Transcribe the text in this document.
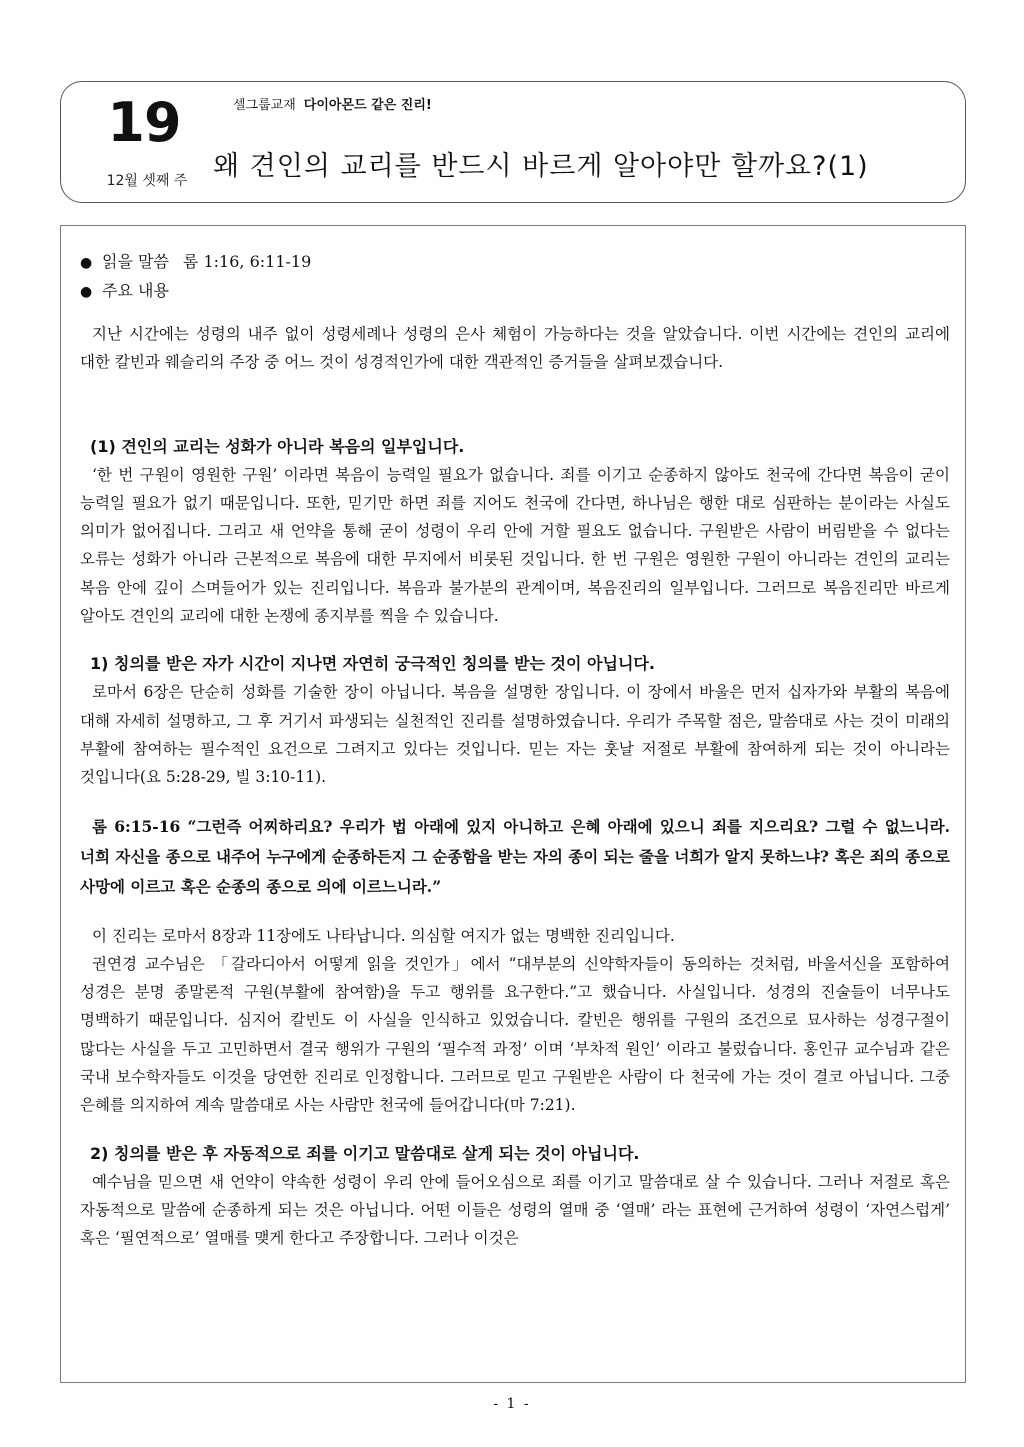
19
12월 셋째 주
셀그룹교재 다이아몬드 같은 진리!
왜 견인의 교리를 반드시 바르게 알아야만 할까요?(1)
● 읽을 말씀 롬 1:16, 6:11-19
● 주요 내용

지난 시간에는 성령의 내주 없이 성령세례나 성령의 은사 체험이 가능하다는 것을 알았습니다. 이번 시간에는 견인의 교리에 대한 칼빈과 웨슬리의 주장 중 어느 것이 성경적인가에 대한 객관적인 증거들을 살펴보겠습니다.

(1) 견인의 교리는 성화가 아니라 복음의 일부입니다.

‘한 번 구원이 영원한 구원’ 이라면 복음이 능력일 필요가 없습니다. 죄를 이기고 순종하지 않아도 천국에 간다면 복음이 굳이 능력일 필요가 없기 때문입니다. 또한, 믿기만 하면 죄를 지어도 천국에 간다면, 하나님은 행한 대로 심판하는 분이라는 사실도 의미가 없어집니다. 그리고 새 언약을 통해 굳이 성령이 우리 안에 거할 필요도 없습니다. 구원받은 사람이 버림받을 수 없다는 오류는 성화가 아니라 근본적으로 복음에 대한 무지에서 비롯된 것입니다. 한 번 구원은 영원한 구원이 아니라는 견인의 교리는 복음 안에 깊이 스며들어가 있는 진리입니다. 복음과 불가분의 관계이며, 복음진리의 일부입니다. 그러므로 복음진리만 바르게 알아도 견인의 교리에 대한 논쟁에 종지부를 찍을 수 있습니다.

1) 칭의를 받은 자가 시간이 지나면 자연히 궁극적인 칭의를 받는 것이 아닙니다.

로마서 6장은 단순히 성화를 기술한 장이 아닙니다. 복음을 설명한 장입니다. 이 장에서 바울은 먼저 십자가와 부활의 복음에 대해 자세히 설명하고, 그 후 거기서 파생되는 실천적인 진리를 설명하였습니다. 우리가 주목할 점은, 말씀대로 사는 것이 미래의 부활에 참여하는 필수적인 요건으로 그려지고 있다는 것입니다. 믿는 자는 훗날 저절로 부활에 참여하게 되는 것이 아니라는 것입니다(요 5:28-29, 빌 3:10-11).

롬 6:15-16 “그런즉 어찌하리요? 우리가 법 아래에 있지 아니하고 은혜 아래에 있으니 죄를 지으리요? 그럴 수 없느니라. 너희 자신을 종으로 내주어 누구에게 순종하든지 그 순종함을 받는 자의 종이 되는 줄을 너희가 알지 못하느냐? 혹은 죄의 종으로 사망에 이르고 혹은 순종의 종으로 의에 이르느니라.”

이 진리는 로마서 8장과 11장에도 나타납니다. 의심할 여지가 없는 명백한 진리입니다.

권연경 교수님은 「갈라디아서 어떻게 읽을 것인가」에서 “대부분의 신약학자들이 동의하는 것처럼, 바울서신을 포함하여 성경은 분명 종말론적 구원(부활에 참여함)을 두고 행위를 요구한다.”고 했습니다. 사실입니다. 성경의 진술들이 너무나도 명백하기 때문입니다. 심지어 칼빈도 이 사실을 인식하고 있었습니다. 칼빈은 행위를 구원의 조건으로 묘사하는 성경구절이 많다는 사실을 두고 고민하면서 결국 행위가 구원의 ‘필수적 과정’ 이며 ‘부차적 원인’ 이라고 불렀습니다. 홍인규 교수님과 같은 국내 보수학자들도 이것을 당연한 진리로 인정합니다. 그러므로 믿고 구원받은 사람이 다 천국에 가는 것이 결코 아닙니다. 그중 은혜를 의지하여 계속 말씀대로 사는 사람만 천국에 들어갑니다(마 7:21).

2) 칭의를 받은 후 자동적으로 죄를 이기고 말씀대로 살게 되는 것이 아닙니다.

예수님을 믿으면 새 언약이 약속한 성령이 우리 안에 들어오심으로 죄를 이기고 말씀대로 살 수 있습니다. 그러나 저절로 혹은 자동적으로 말씀에 순종하게 되는 것은 아닙니다. 어떤 이들은 성령의 열매 중 ‘열매’ 라는 표현에 근거하여 성령이 ‘자연스럽게’ 혹은 ‘필연적으로’ 열매를 맺게 한다고 주장합니다. 그러나 이것은

- 1 -
